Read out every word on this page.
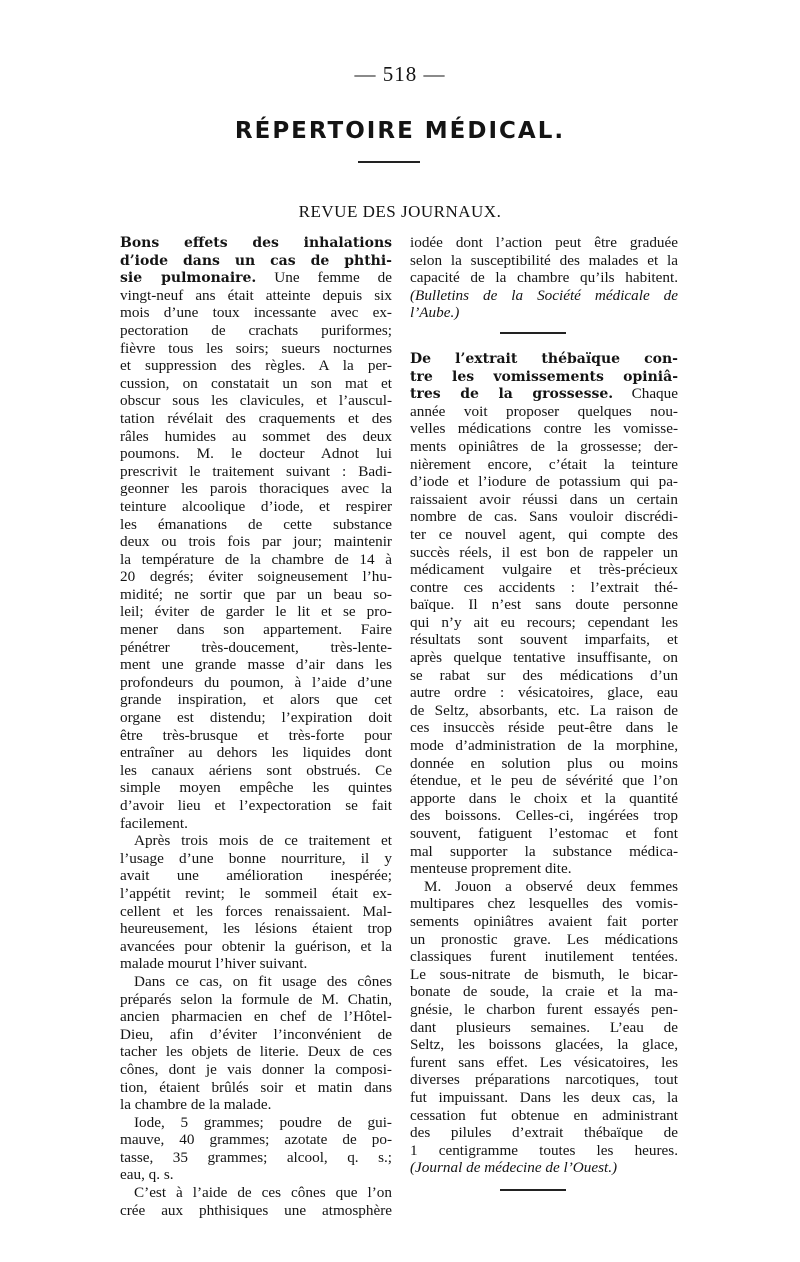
— 518 —
RÉPERTOIRE MÉDICAL.
REVUE DES JOURNAUX.
Bons effets des inhalations
d’iode dans un cas de phthi-
sie pulmonaire. Une femme de
vingt-neuf ans était atteinte depuis six
mois d’une toux incessante avec ex-
pectoration de crachats puriformes;
fièvre tous les soirs; sueurs nocturnes
et suppression des règles. A la per-
cussion, on constatait un son mat et
obscur sous les clavicules, et l’auscul-
tation révélait des craquements et des
râles humides au sommet des deux
poumons. M. le docteur Adnot lui
prescrivit le traitement suivant : Badi-
geonner les parois thoraciques avec la
teinture alcoolique d’iode, et respirer
les émanations de cette substance
deux ou trois fois par jour; maintenir
la température de la chambre de 14 à
20 degrés; éviter soigneusement l’hu-
midité; ne sortir que par un beau so-
leil; éviter de garder le lit et se pro-
mener dans son appartement. Faire
pénétrer très-doucement, très-lente-
ment une grande masse d’air dans les
profondeurs du poumon, à l’aide d’une
grande inspiration, et alors que cet
organe est distendu; l’expiration doit
être très-brusque et très-forte pour
entraîner au dehors les liquides dont
les canaux aériens sont obstrués. Ce
simple moyen empêche les quintes
d’avoir lieu et l’expectoration se fait
facilement.
Après trois mois de ce traitement et
l’usage d’une bonne nourriture, il y
avait une amélioration inespérée;
l’appétit revint; le sommeil était ex-
cellent et les forces renaissaient. Mal-
heureusement, les lésions étaient trop
avancées pour obtenir la guérison, et la
malade mourut l’hiver suivant.
Dans ce cas, on fit usage des cônes
préparés selon la formule de M. Chatin,
ancien pharmacien en chef de l’Hôtel-
Dieu, afin d’éviter l’inconvénient de
tacher les objets de literie. Deux de ces
cônes, dont je vais donner la composi-
tion, étaient brûlés soir et matin dans
la chambre de la malade.
Iode, 5 grammes; poudre de gui-
mauve, 40 grammes; azotate de po-
tasse, 35 grammes; alcool, q. s.;
eau, q. s.
C’est à l’aide de ces cônes que l’on
crée aux phthisiques une atmosphère
iodée dont l’action peut être graduée
selon la susceptibilité des malades et la
capacité de la chambre qu’ils habitent.
(Bulletins de la Société médicale de
l’Aube.)
De l’extrait thébaïque con-
tre les vomissements opiniâ-
tres de la grossesse. Chaque
année voit proposer quelques nou-
velles médications contre les vomisse-
ments opiniâtres de la grossesse; der-
nièrement encore, c’était la teinture
d’iode et l’iodure de potassium qui pa-
raissaient avoir réussi dans un certain
nombre de cas. Sans vouloir discrédi-
ter ce nouvel agent, qui compte des
succès réels, il est bon de rappeler un
médicament vulgaire et très-précieux
contre ces accidents : l’extrait thé-
baïque. Il n’est sans doute personne
qui n’y ait eu recours; cependant les
résultats sont souvent imparfaits, et
après quelque tentative insuffisante, on
se rabat sur des médications d’un
autre ordre : vésicatoires, glace, eau
de Seltz, absorbants, etc. La raison de
ces insuccès réside peut-être dans le
mode d’administration de la morphine,
donnée en solution plus ou moins
étendue, et le peu de sévérité que l’on
apporte dans le choix et la quantité
des boissons. Celles-ci, ingérées trop
souvent, fatiguent l’estomac et font
mal supporter la substance médica-
menteuse proprement dite.
M. Jouon a observé deux femmes
multipares chez lesquelles des vomis-
sements opiniâtres avaient fait porter
un pronostic grave. Les médications
classiques furent inutilement tentées.
Le sous-nitrate de bismuth, le bicar-
bonate de soude, la craie et la ma-
gnésie, le charbon furent essayés pen-
dant plusieurs semaines. L’eau de
Seltz, les boissons glacées, la glace,
furent sans effet. Les vésicatoires, les
diverses préparations narcotiques, tout
fut impuissant. Dans les deux cas, la
cessation fut obtenue en administrant
des pilules d’extrait thébaïque de
1 centigramme toutes les heures.
(Journal de médecine de l’Ouest.)
